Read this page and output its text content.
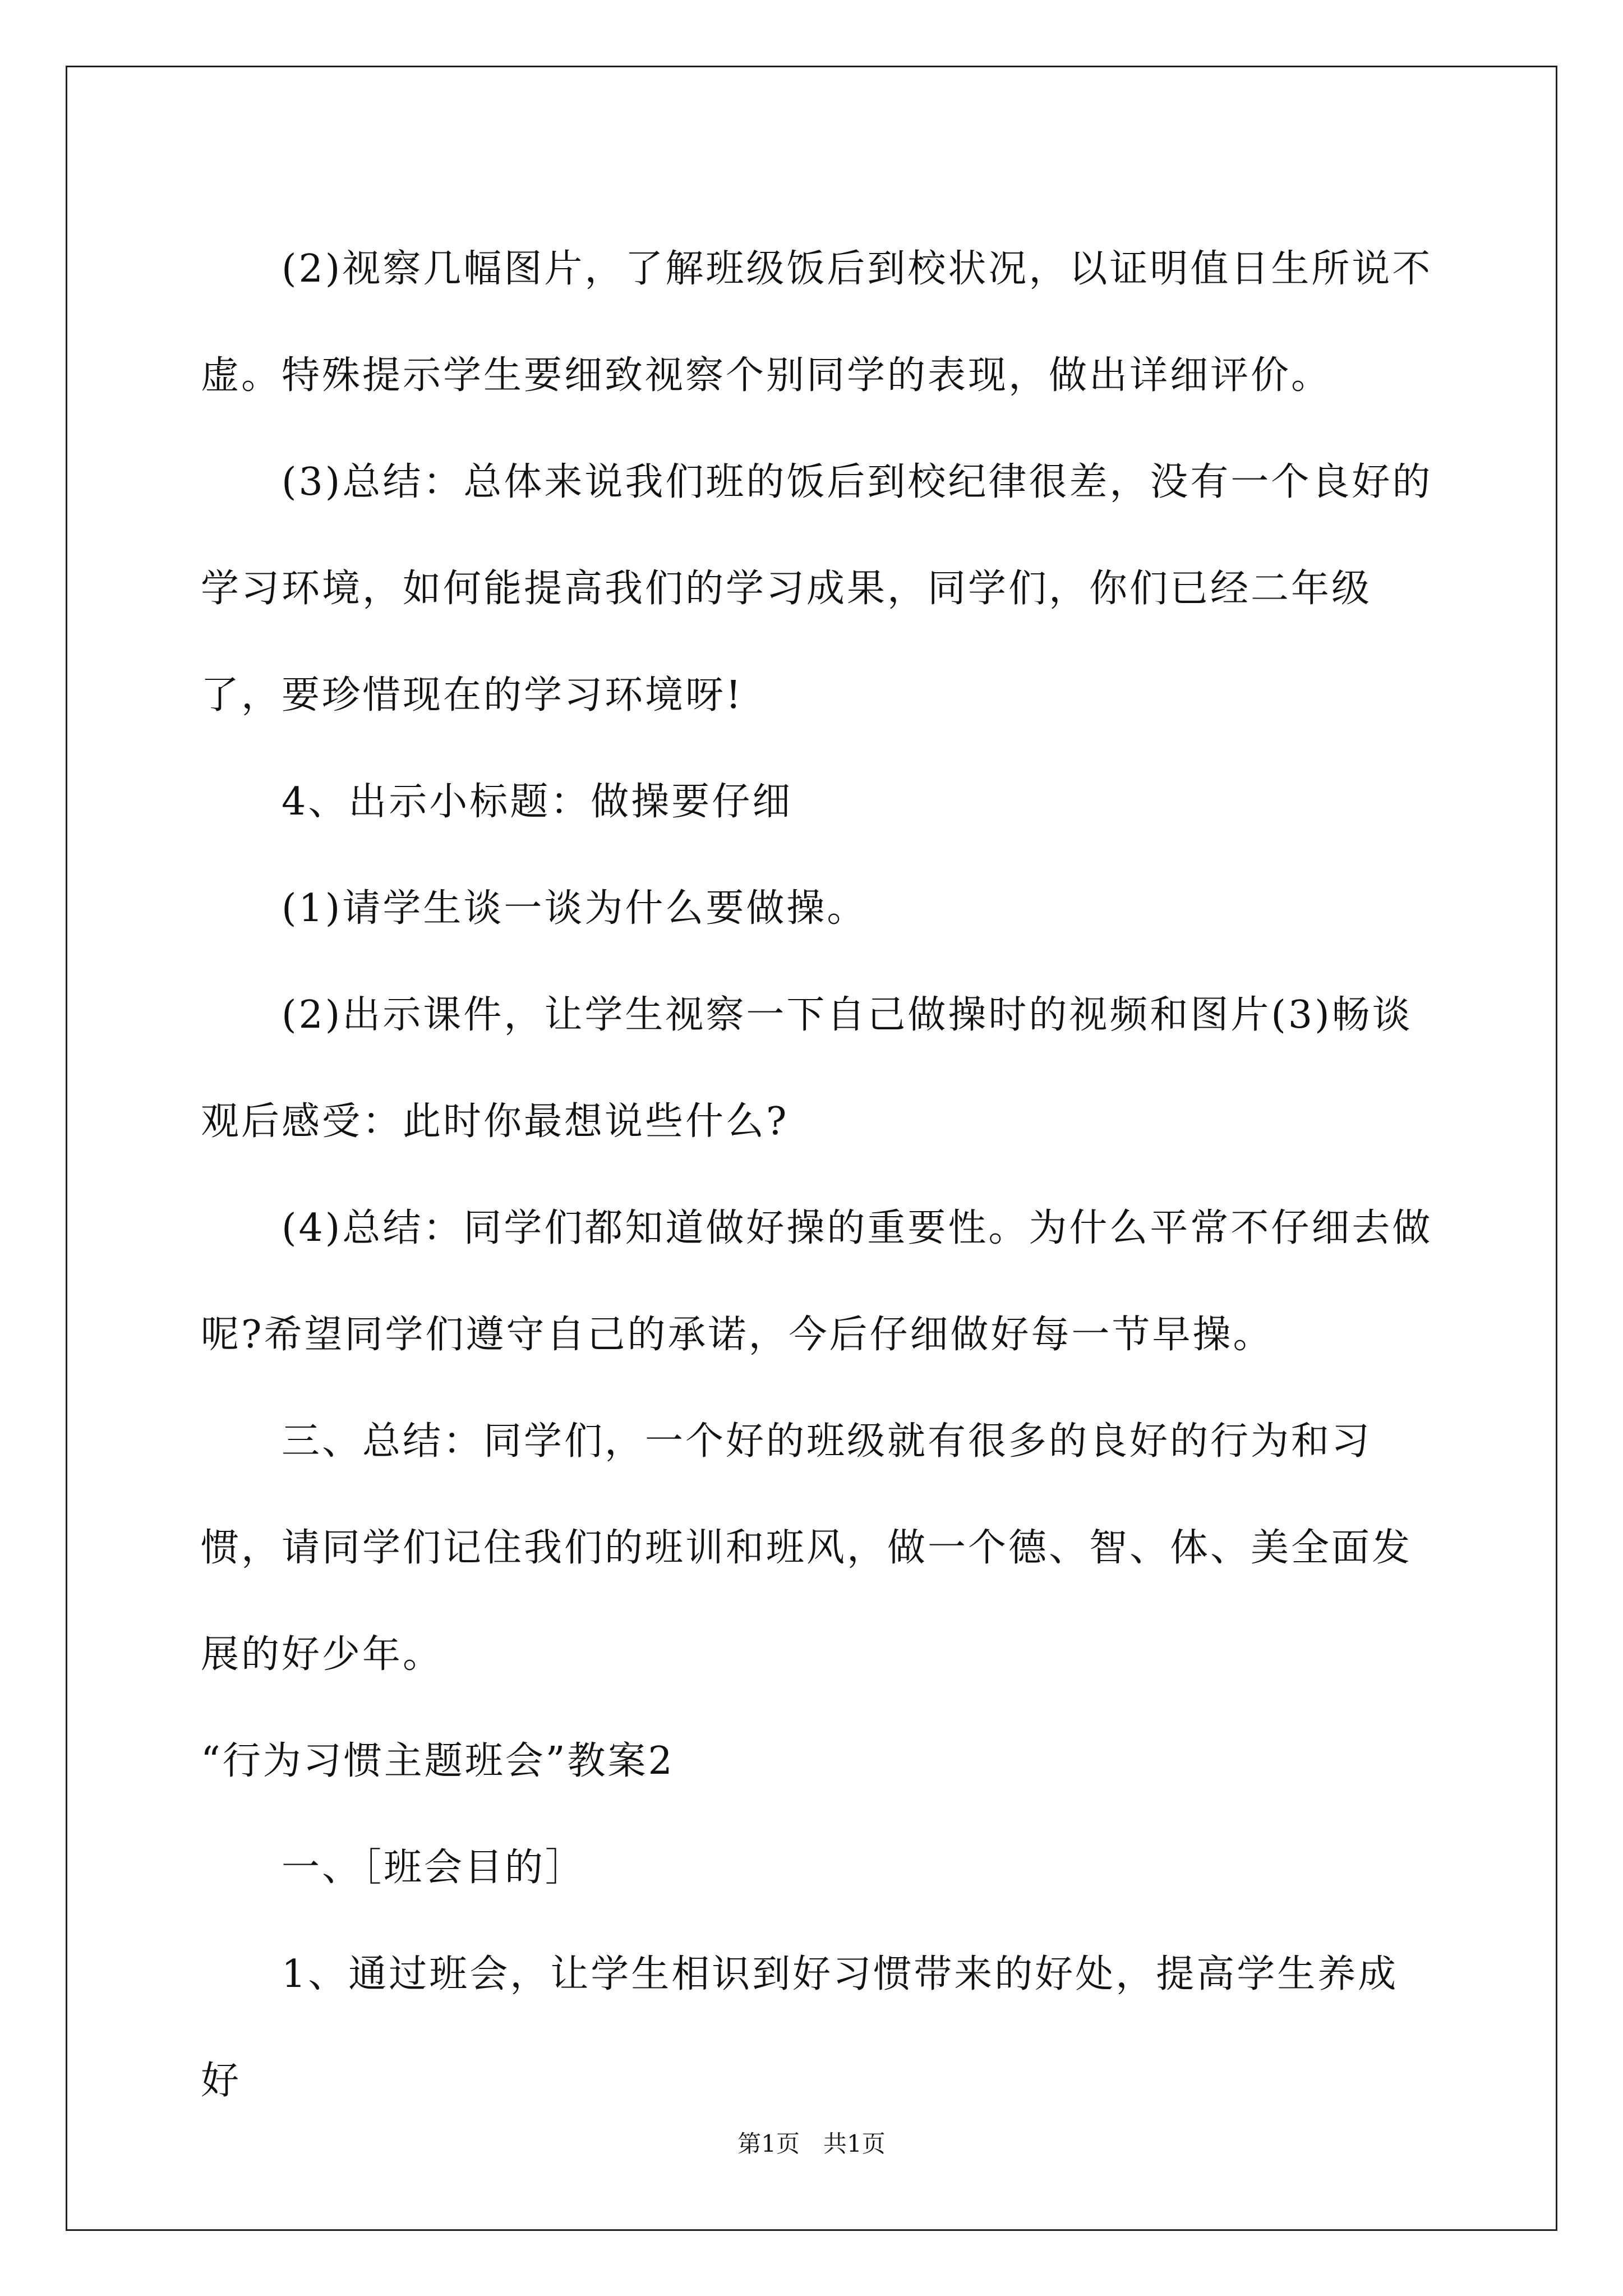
(2)视察几幅图片，了解班级饭后到校状况，以证明值日生所说不虚。特殊提示学生要细致视察个别同学的表现，做出详细评价。

(3)总结：总体来说我们班的饭后到校纪律很差，没有一个良好的学习环境，如何能提高我们的学习成果，同学们，你们已经二年级了，要珍惜现在的学习环境呀!

4、出示小标题：做操要仔细

(1)请学生谈一谈为什么要做操。

(2)出示课件，让学生视察一下自己做操时的视频和图片(3)畅谈观后感受：此时你最想说些什么?

(4)总结：同学们都知道做好操的重要性。为什么平常不仔细去做呢?希望同学们遵守自己的承诺，今后仔细做好每一节早操。

三、总结：同学们，一个好的班级就有很多的良好的行为和习惯，请同学们记住我们的班训和班风，做一个德、智、体、美全面发展的好少年。

“行为习惯主题班会”教案2

一、［班会目的］

1、通过班会，让学生相识到好习惯带来的好处，提高学生养成好

第1页　共1页
